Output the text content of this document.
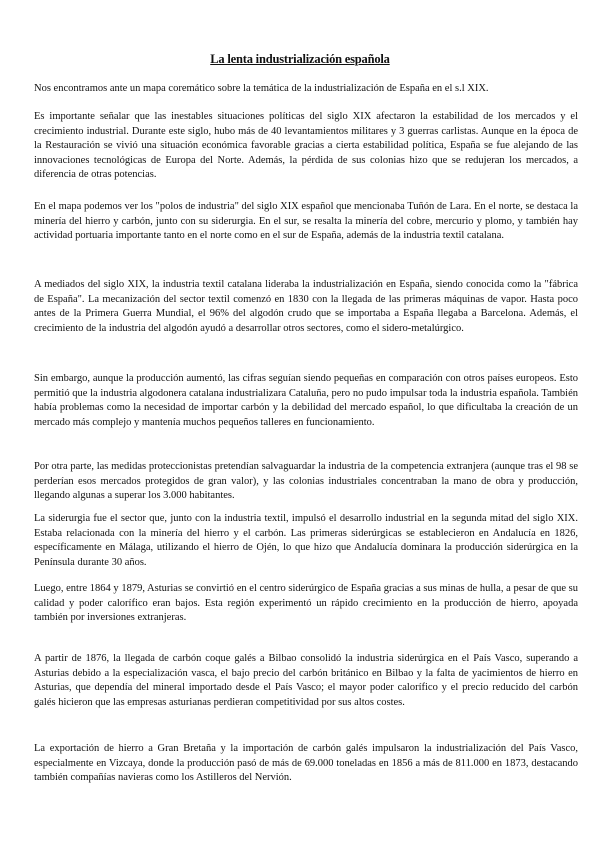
La lenta industrialización española

Nos encontramos ante un mapa coremático sobre la temática de la industrialización de España en el s.l XIX.

Es importante señalar que las inestables situaciones políticas del siglo XIX afectaron la estabilidad de los mercados y el crecimiento industrial. Durante este siglo, hubo más de 40 levantamientos militares y 3 guerras carlistas. Aunque en la época de la Restauración se vivió una situación económica favorable gracias a cierta estabilidad política, España se fue alejando de las innovaciones tecnológicas de Europa del Norte. Además, la pérdida de sus colonias hizo que se redujeran los mercados, a diferencia de otras potencias.

En el mapa podemos ver los "polos de industria" del siglo XIX español que mencionaba Tuñón de Lara. En el norte, se destaca la minería del hierro y carbón, junto con su siderurgia. En el sur, se resalta la minería del cobre, mercurio y plomo, y también hay actividad portuaria importante tanto en el norte como en el sur de España, además de la industria textil catalana.

A mediados del siglo XIX, la industria textil catalana lideraba la industrialización en España, siendo conocida como la "fábrica de España". La mecanización del sector textil comenzó en 1830 con la llegada de las primeras máquinas de vapor. Hasta poco antes de la Primera Guerra Mundial, el 96% del algodón crudo que se importaba a España llegaba a Barcelona. Además, el crecimiento de la industria del algodón ayudó a desarrollar otros sectores, como el sidero-metalúrgico.

Sin embargo, aunque la producción aumentó, las cifras seguían siendo pequeñas en comparación con otros países europeos. Esto permitió que la industria algodonera catalana industrializara Cataluña, pero no pudo impulsar toda la industria española. También había problemas como la necesidad de importar carbón y la debilidad del mercado español, lo que dificultaba la creación de un mercado más complejo y mantenía muchos pequeños talleres en funcionamiento.

Por otra parte, las medidas proteccionistas pretendían salvaguardar la industria de la competencia extranjera (aunque tras el 98 se perderían esos mercados protegidos de gran valor), y las colonias industriales concentraban la mano de obra y producción, llegando algunas a superar los 3.000 habitantes.

La siderurgia fue el sector que, junto con la industria textil, impulsó el desarrollo industrial en la segunda mitad del siglo XIX. Estaba relacionada con la minería del hierro y el carbón. Las primeras siderúrgicas se establecieron en Andalucía en 1826, específicamente en Málaga, utilizando el hierro de Ojén, lo que hizo que Andalucía dominara la producción siderúrgica en la Península durante 30 años.

Luego, entre 1864 y 1879, Asturias se convirtió en el centro siderúrgico de España gracias a sus minas de hulla, a pesar de que su calidad y poder calorífico eran bajos. Esta región experimentó un rápido crecimiento en la producción de hierro, apoyada también por inversiones extranjeras.

A partir de 1876, la llegada de carbón coque galés a Bilbao consolidó la industria siderúrgica en el País Vasco, superando a Asturias debido a la especialización vasca, el bajo precio del carbón británico en Bilbao y la falta de yacimientos de hierro en Asturias, que dependía del mineral importado desde el País Vasco; el mayor poder calorífico y el precio reducido del carbón galés hicieron que las empresas asturianas perdieran competitividad por sus altos costes.

La exportación de hierro a Gran Bretaña y la importación de carbón galés impulsaron la industrialización del País Vasco, especialmente en Vizcaya, donde la producción pasó de más de 69.000 toneladas en 1856 a más de 811.000 en 1873, destacando también compañías navieras como los Astilleros del Nervión.
